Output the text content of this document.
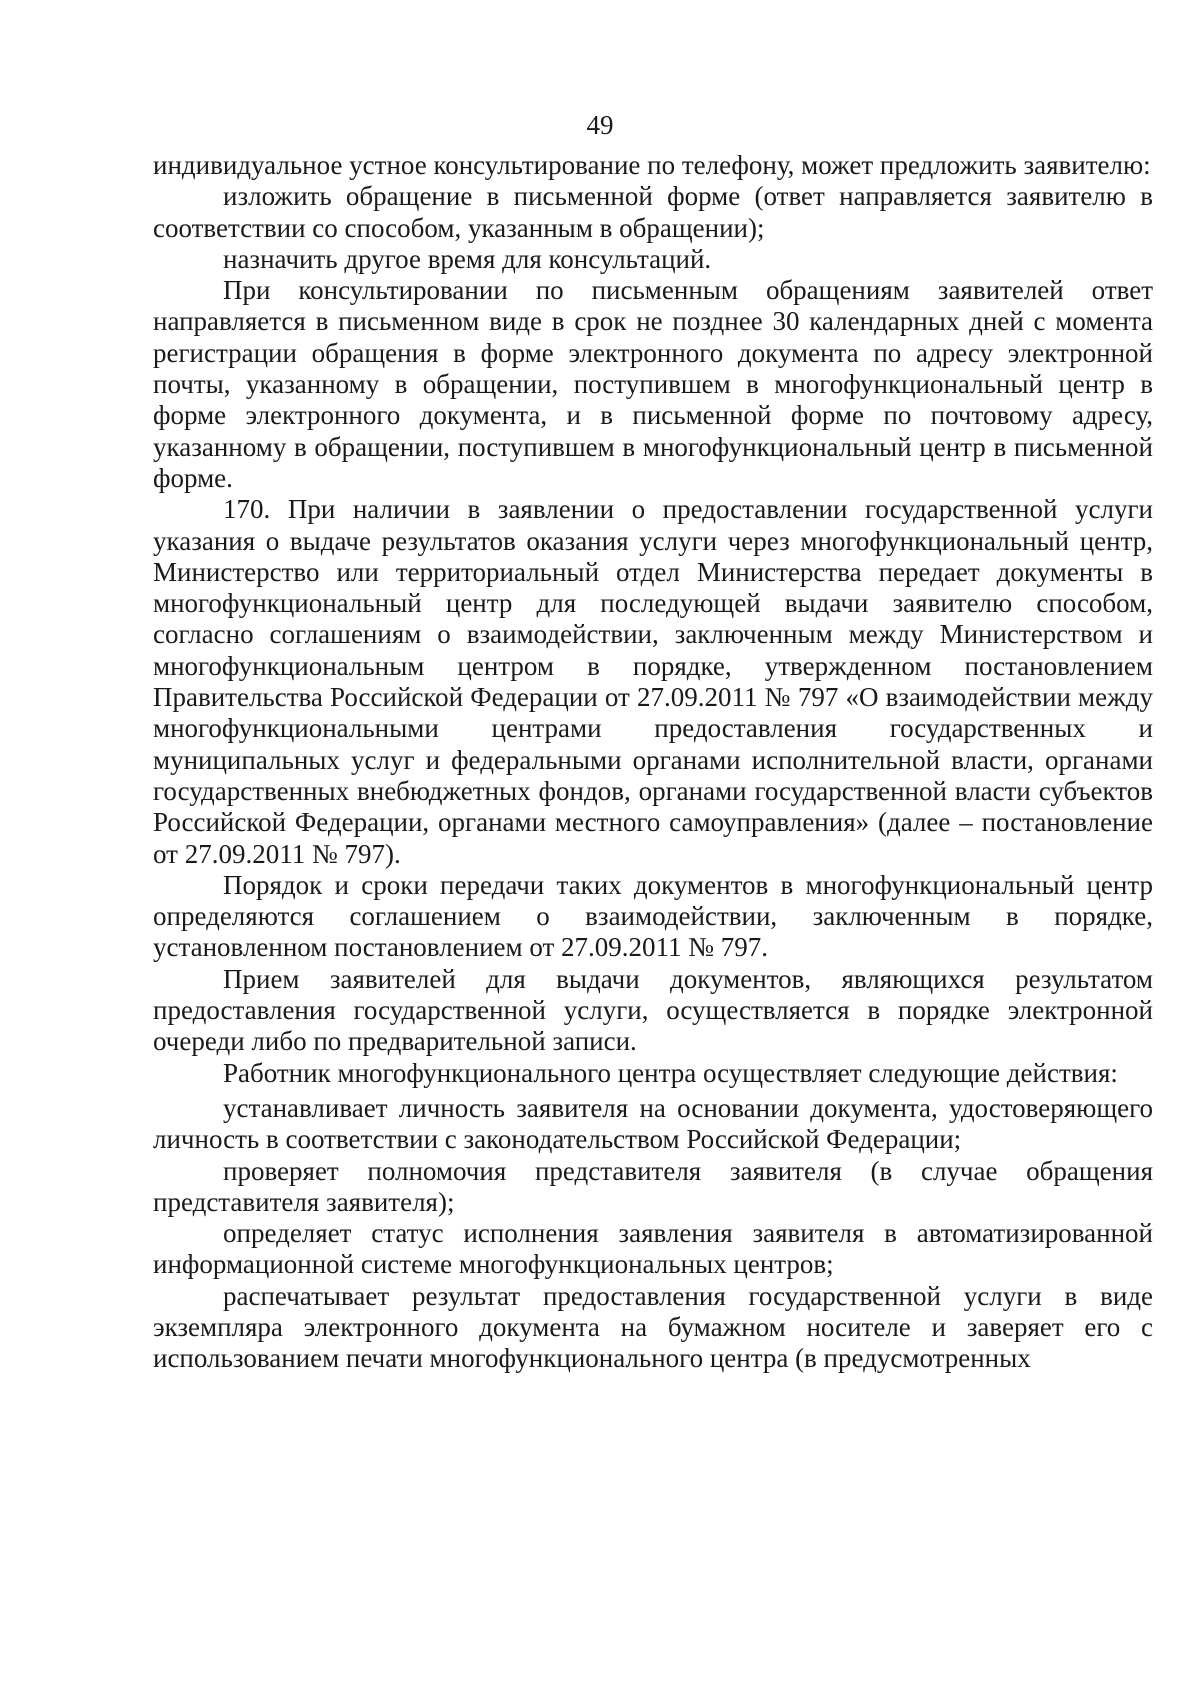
49

индивидуальное устное консультирование по телефону, может предложить заявителю:

изложить обращение в письменной форме (ответ направляется заявителю в соответствии со способом, указанным в обращении);

назначить другое время для консультаций.

При консультировании по письменным обращениям заявителей ответ направляется в письменном виде в срок не позднее 30 календарных дней с момента регистрации обращения в форме электронного документа по адресу электронной почты, указанному в обращении, поступившем в многофункциональный центр в форме электронного документа, и в письменной форме по почтовому адресу, указанному в обращении, поступившем в многофункциональный центр в письменной форме.

170. При наличии в заявлении о предоставлении государственной услуги указания о выдаче результатов оказания услуги через многофункциональный центр, Министерство или территориальный отдел Министерства передает документы в многофункциональный центр для последующей выдачи заявителю способом, согласно соглашениям о взаимодействии, заключенным между Министерством и многофункциональным центром в порядке, утвержденном постановлением Правительства Российской Федерации от 27.09.2011 № 797 «О взаимодействии между многофункциональными центрами предоставления государственных и муниципальных услуг и федеральными органами исполнительной власти, органами государственных внебюджетных фондов, органами государственной власти субъектов Российской Федерации, органами местного самоуправления» (далее – постановление от 27.09.2011 № 797).

Порядок и сроки передачи таких документов в многофункциональный центр определяются соглашением о взаимодействии, заключенным в порядке, установленном постановлением от 27.09.2011 № 797.

Прием заявителей для выдачи документов, являющихся результатом предоставления государственной услуги, осуществляется в порядке электронной очереди либо по предварительной записи.

Работник многофункционального центра осуществляет следующие действия:

устанавливает личность заявителя на основании документа, удостоверяющего личность в соответствии с законодательством Российской Федерации;

проверяет полномочия представителя заявителя (в случае обращения представителя заявителя);

определяет статус исполнения заявления заявителя в автоматизированной информационной системе многофункциональных центров;

распечатывает результат предоставления государственной услуги в виде экземпляра электронного документа на бумажном носителе и заверяет его с использованием печати многофункционального центра (в предусмотренных
